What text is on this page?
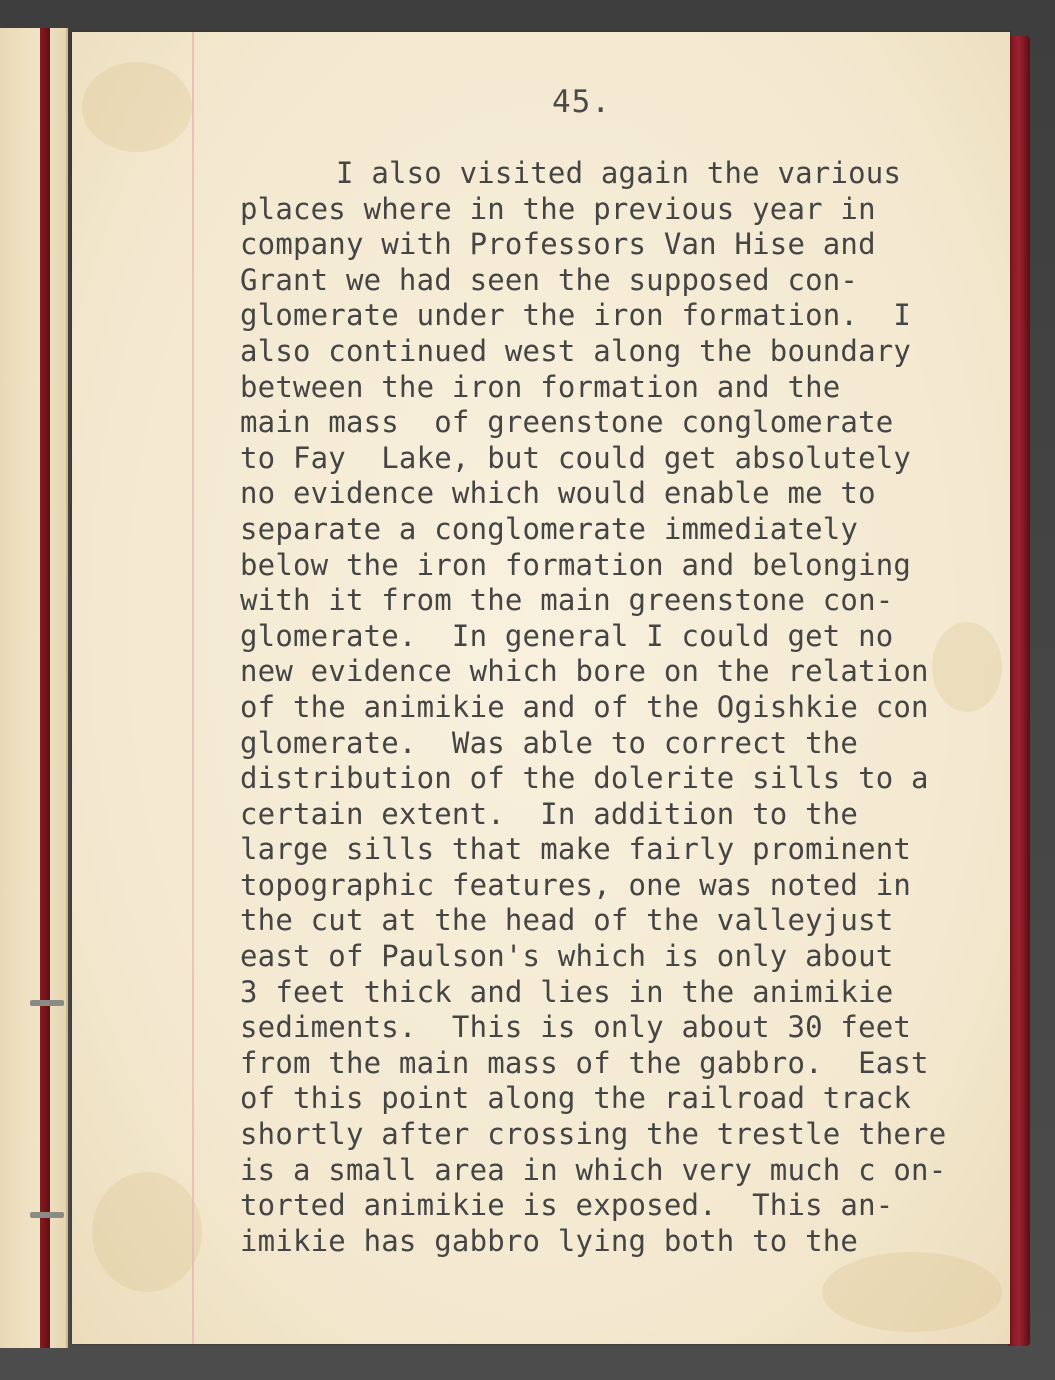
45.
I also visited again the various
places where in the previous year in
company with Professors Van Hise and
Grant we had seen the supposed con-
glomerate under the iron formation.  I
also continued west along the boundary
between the iron formation and the
main mass  of greenstone conglomerate
to Fay  Lake, but could get absolutely
no evidence which would enable me to
separate a conglomerate immediately
below the iron formation and belonging
with it from the main greenstone con-
glomerate.  In general I could get no
new evidence which bore on the relation
of the animikie and of the Ogishkie con
glomerate.  Was able to correct the
distribution of the dolerite sills to a
certain extent.  In addition to the
large sills that make fairly prominent
topographic features, one was noted in
the cut at the head of the valleyjust
east of Paulson's which is only about
3 feet thick and lies in the animikie
sediments.  This is only about 30 feet
from the main mass of the gabbro.  East
of this point along the railroad track
shortly after crossing the trestle there
is a small area in which very much c on-
torted animikie is exposed.  This an-
imikie has gabbro lying both to the
